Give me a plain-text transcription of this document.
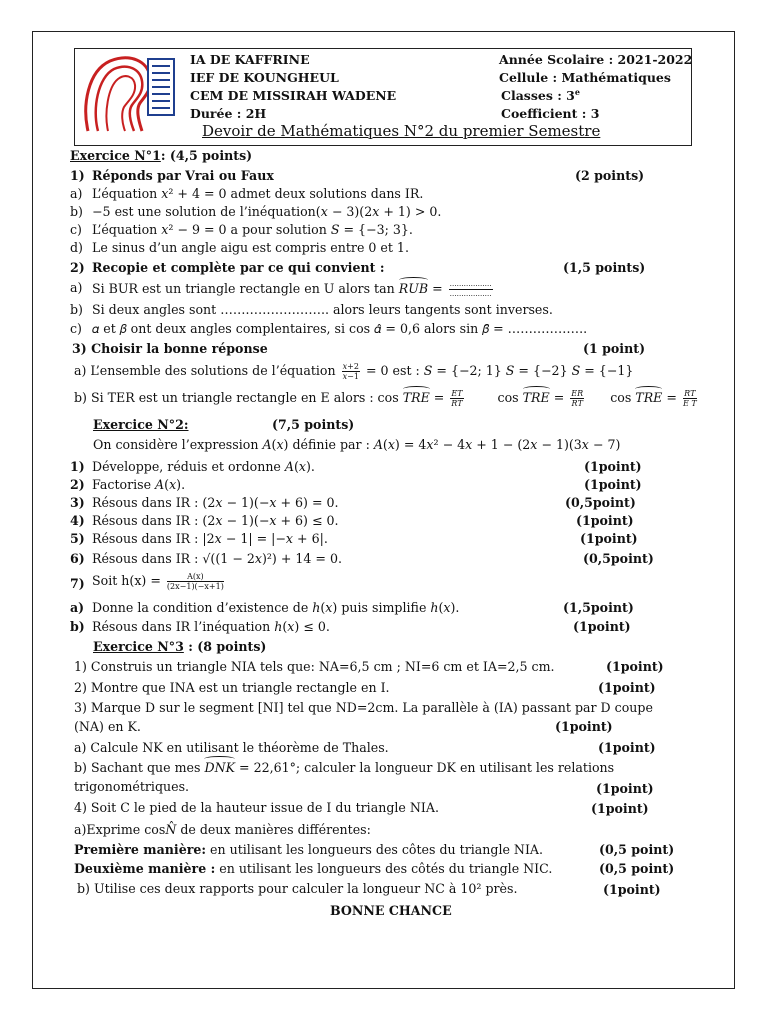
IA DE KAFFRINE
IEF DE KOUNGHEUL
CEM DE MISSIRAH WADENE
Durée : 2H
Année Scolaire : 2021-2022
Cellule : Mathématiques
Classes : 3e
Coefficient : 3
Devoir de Mathématiques N°2 du premier Semestre
Exercice N°1: (4,5 points)
1) Réponds par Vrai ou Faux	(2 points)
a) L’équation 𝑥² + 4 = 0 admet deux solutions dans IR.
b) −5 est une solution de l’inéquation(𝑥 − 3)(2𝑥 + 1) > 0.
c) L’équation 𝑥² − 9 = 0 a pour solution 𝑆 = {−3; 3}.
d) Le sinus d’un angle aigu est compris entre 0 et 1.
2) Recopie et complète par ce qui convient :	(1,5 points)
a) Si BUR est un triangle rectangle en U alors tan 𝑅𝑈𝐵 = $\frac{\dots\dots\dots\dots\dots\dots}{\dots\dots\dots\dots\dots\dots}$
b) Si deux angles sont …………………….. alors leurs tangents sont inverses.
c) 𝛼 et 𝛽 ont deux angles complentaires, si cos 𝛼̂ = 0,6 alors sin 𝛽̂ = ……………….
3) Choisir la bonne réponse	(1 point)
a) L’ensemble des solutions de l’équation $\frac{\text{𝑥+2}}{\text{𝑥−1}} = 0$ est : 𝑆 = {−2; 1} 𝑆 = {−2} 𝑆 = {−1}
b) Si TER est un triangle rectangle en E alors : cos 𝑇𝑅𝐸 = $\frac{\text{𝐸𝑇}}{\text{𝑅𝑇}}$ cos 𝑇𝑅𝐸 = $\frac{\text{𝐸𝑅}}{\text{𝑅𝑇}}$ cos 𝑇𝑅𝐸 = $\frac{\text{𝑅𝑇}}{\text{𝐸 𝑇}}$
Exercice N°2:	(7,5 points)
On considère l’expression 𝐴(𝑥) définie par : 𝐴(𝑥) = 4𝑥² − 4𝑥 + 1 − (2𝑥 − 1)(3𝑥 − 7)
1) Développe, réduis et ordonne 𝐴(𝑥).	(1point)
2) Factorise 𝐴(𝑥).	(1point)
3) Résous dans IR : (2𝑥 − 1)(−𝑥 + 6) = 0.	(0,5point)
4) Résous dans IR : (2𝑥 − 1)(−𝑥 + 6) ≤ 0.	(1point)
5) Résous dans IR : |2𝑥 − 1| = |−𝑥 + 6|.	(1point)
6) Résous dans IR : √((1 − 2𝑥)²) + 14 = 0.	(0,5point)
7) Soit $h(x) = \frac{A(x)}{(2x-1)(-x+1)}$
a) Donne la condition d’existence de ℎ(𝑥) puis simplifie ℎ(𝑥).	(1,5point)
b) Résous dans IR l’inéquation ℎ(𝑥) ≤ 0.	(1point)
Exercice N°3 : (8 points)
1) Construis un triangle NIA tels que: NA=6,5 cm ; NI=6 cm et IA=2,5 cm.	(1point)
2) Montre que INA est un triangle rectangle en I.	(1point)
3) Marque D sur le segment [NI] tel que ND=2cm. La parallèle à (IA) passant par D coupe
(NA) en K.	(1point)
a) Calcule NK en utilisant le théorème de Thales.	(1point)
b) Sachant que mes 𝐷𝑁𝐾 = 22,61°; calculer la longueur DK en utilisant les relations
trigonométriques.	(1point)
4) Soit C le pied de la hauteur issue de I du triangle NIA.	(1point)
a)Exprime cos𝑁̂ de deux manières différentes:
Première manière: en utilisant les longueurs des côtes du triangle NIA.	(0,5 point)
Deuxième manière : en utilisant les longueurs des côtés du triangle NIC.	(0,5 point)
b) Utilise ces deux rapports pour calculer la longueur NC à 10² près.	(1point)
BONNE CHANCE
